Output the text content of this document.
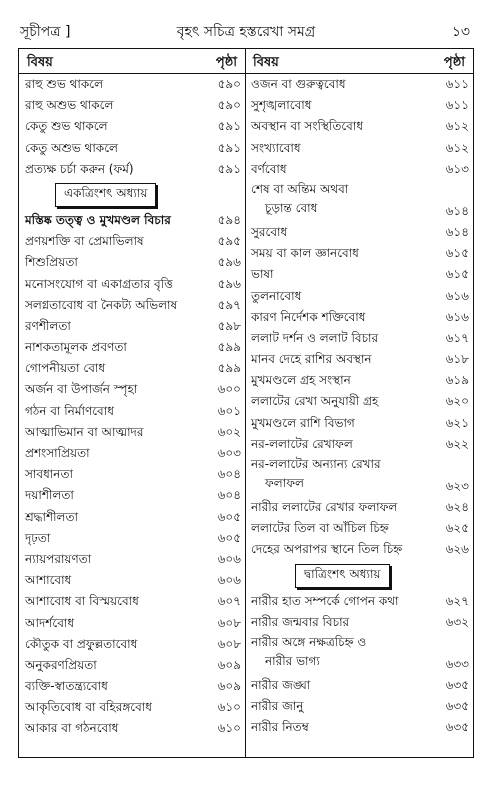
সূচীপত্র ]	বৃহৎ সচিত্র হস্তরেখা সমগ্র	১৩
বিষয়	পৃষ্ঠা
রাহু শুভ থাকলে	৫৯০
রাহু অশুভ থাকলে	৫৯০
কেতু শুভ থাকলে	৫৯১
কেতু অশুভ থাকলে	৫৯১
প্রত্যক্ষ চর্চা করুন (ফর্ম)	৫৯১
একত্রিংশৎ অধ্যায়
মস্তিষ্ক তত্ত্ব ও মুখমণ্ডল বিচার	৫৯৪
প্রণয়শক্তি বা প্রেমাভিলাষ	৫৯৫
শিশুপ্রিয়তা	৫৯৬
মনোসংযোগ বা একাগ্রতার বৃত্তি	৫৯৬
সলগ্নতাবোধ বা নৈকট্য অভিলাষ	৫৯৭
রণশীলতা	৫৯৮
নাশকতামূলক প্রবণতা	৫৯৯
গোপনীয়তা বোধ	৫৯৯
অর্জন বা উপার্জন স্পৃহা	৬০০
গঠন বা নির্মাণবোধ	৬০১
আত্মাভিমান বা আত্মাদর	৬০২
প্রশংসাপ্রিয়তা	৬০৩
সাবধানতা	৬০৪
দয়াশীলতা	৬০৪
শ্রদ্ধাশীলতা	৬০৫
দৃঢ়তা	৬০৫
ন্যায়পরায়ণতা	৬০৬
আশাবোধ	৬০৬
আশাবোধ বা বিস্ময়বোধ	৬০৭
আদর্শবোধ	৬০৮
কৌতুক বা প্রফুল্লতাবোধ	৬০৮
অনুকরণপ্রিয়তা	৬০৯
ব্যক্তি-স্বাতন্ত্র্যবোধ	৬০৯
আকৃতিবোধ বা বহিরঙ্গবোধ	৬১০
আকার বা গঠনবোধ	৬১০
বিষয়	পৃষ্ঠা
ওজন বা গুরুত্ববোধ	৬১১
সুশৃঙ্খলাবোধ	৬১১
অবস্থান বা সংস্থিতিবোধ	৬১২
সংখ্যাবোধ	৬১২
বর্ণবোধ	৬১৩
শেষ বা অন্তিম অথবা
চূড়ান্ত বোধ	৬১৪
সুরবোধ	৬১৪
সময় বা কাল জ্ঞানবোধ	৬১৫
ভাষা	৬১৫
তুলনাবোধ	৬১৬
কারণ নির্দেশক শক্তিবোধ	৬১৬
ললাট দর্শন ও ললাট বিচার	৬১৭
মানব দেহে রাশির অবস্থান	৬১৮
মুখমণ্ডলে গ্রহ সংস্থান	৬১৯
ললাটের রেখা অনুযায়ী গ্রহ	৬২০
মুখমণ্ডলে রাশি বিভাগ	৬২১
নর-ললাটের রেখাফল	৬২২
নর-ললাটের অন্যান্য রেখার
ফলাফল	৬২৩
নারীর ললাটের রেখার ফলাফল	৬২৪
ললাটের তিল বা আঁচিল চিহ্ন	৬২৫
দেহের অপরাপর স্থানে তিল চিহ্ন	৬২৬
দ্বাত্রিংশৎ অধ্যায়
নারীর হাত সম্পর্কে গোপন কথা	৬২৭
নারীর জন্মবার বিচার	৬৩২
নারীর অঙ্গে নক্ষত্রচিহ্ন ও
নারীর ভাগ্য	৬৩৩
নারীর জঙ্ঘা	৬৩৫
নারীর জানু	৬৩৫
নারীর নিতম্ব	৬৩৫
